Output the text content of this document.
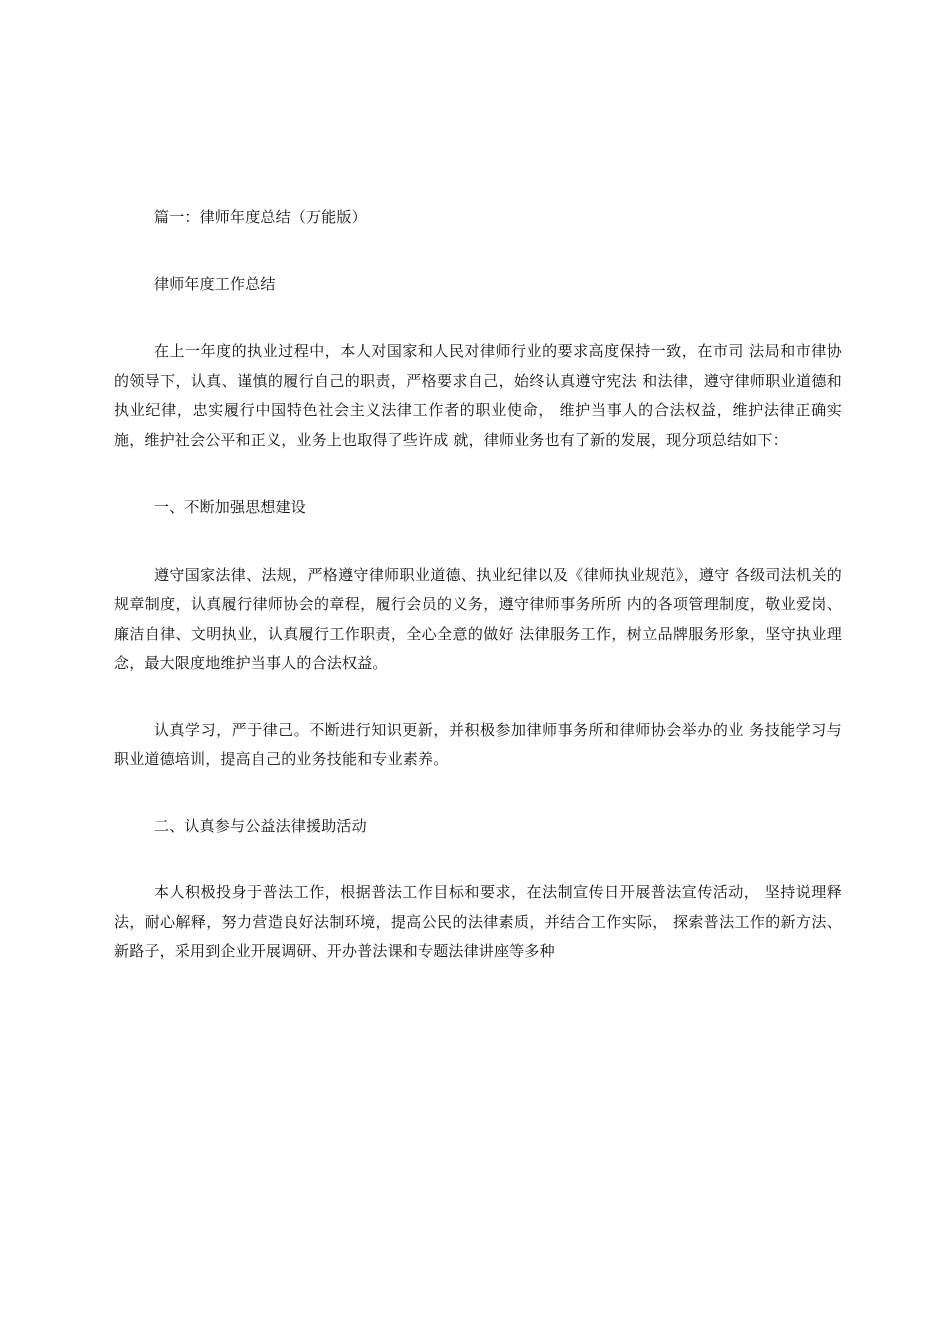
篇一：律师年度总结（万能版）

律师年度工作总结

在上一年度的执业过程中，本人对国家和人民对律师行业的要求高度保持一致，在市司 法局和市律协的领导下，认真、谨慎的履行自己的职责，严格要求自己，始终认真遵守宪法 和法律，遵守律师职业道德和执业纪律，忠实履行中国特色社会主义法律工作者的职业使命， 维护当事人的合法权益，维护法律正确实施，维护社会公平和正义，业务上也取得了些许成 就，律师业务也有了新的发展，现分项总结如下：

一、不断加强思想建设

遵守国家法律、法规，严格遵守律师职业道德、执业纪律以及《律师执业规范》，遵守 各级司法机关的规章制度，认真履行律师协会的章程，履行会员的义务，遵守律师事务所所 内的各项管理制度，敬业爱岗、廉洁自律、文明执业，认真履行工作职责，全心全意的做好 法律服务工作，树立品牌服务形象，坚守执业理念，最大限度地维护当事人的合法权益。

认真学习，严于律己。不断进行知识更新，并积极参加律师事务所和律师协会举办的业 务技能学习与职业道德培训，提高自己的业务技能和专业素养。

二、认真参与公益法律援助活动

本人积极投身于普法工作，根据普法工作目标和要求，在法制宣传日开展普法宣传活动， 坚持说理释法，耐心解释，努力营造良好法制环境，提高公民的法律素质，并结合工作实际， 探索普法工作的新方法、新路子，采用到企业开展调研、开办普法课和专题法律讲座等多种
